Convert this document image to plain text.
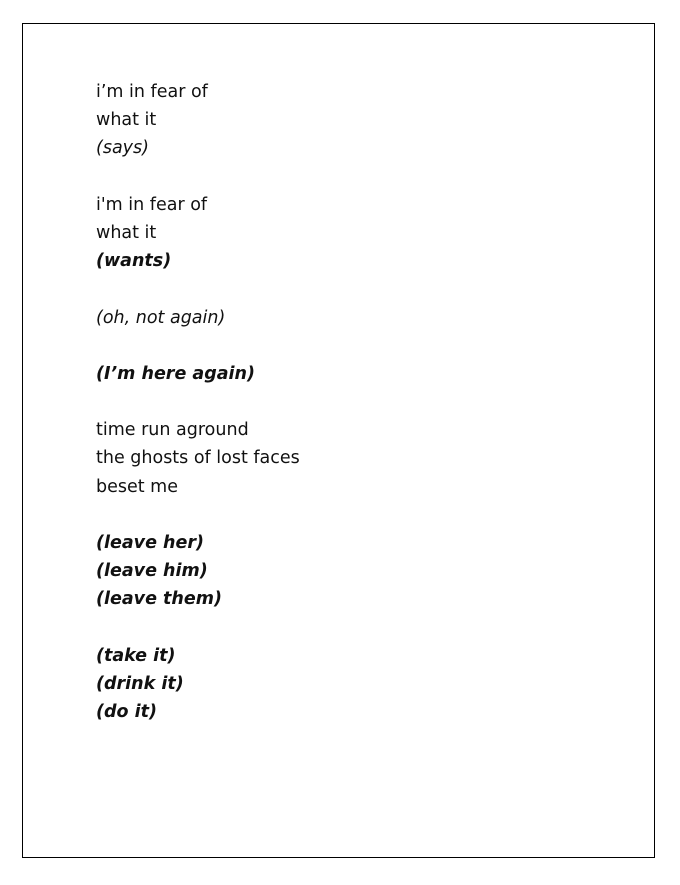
i’m in fear of
what it
(says)
i'm in fear of
what it
(wants)
(oh, not again)
(I’m here again)
time run aground
the ghosts of lost faces
beset me
(leave her)
(leave him)
(leave them)
(take it)
(drink it)
(do it)
